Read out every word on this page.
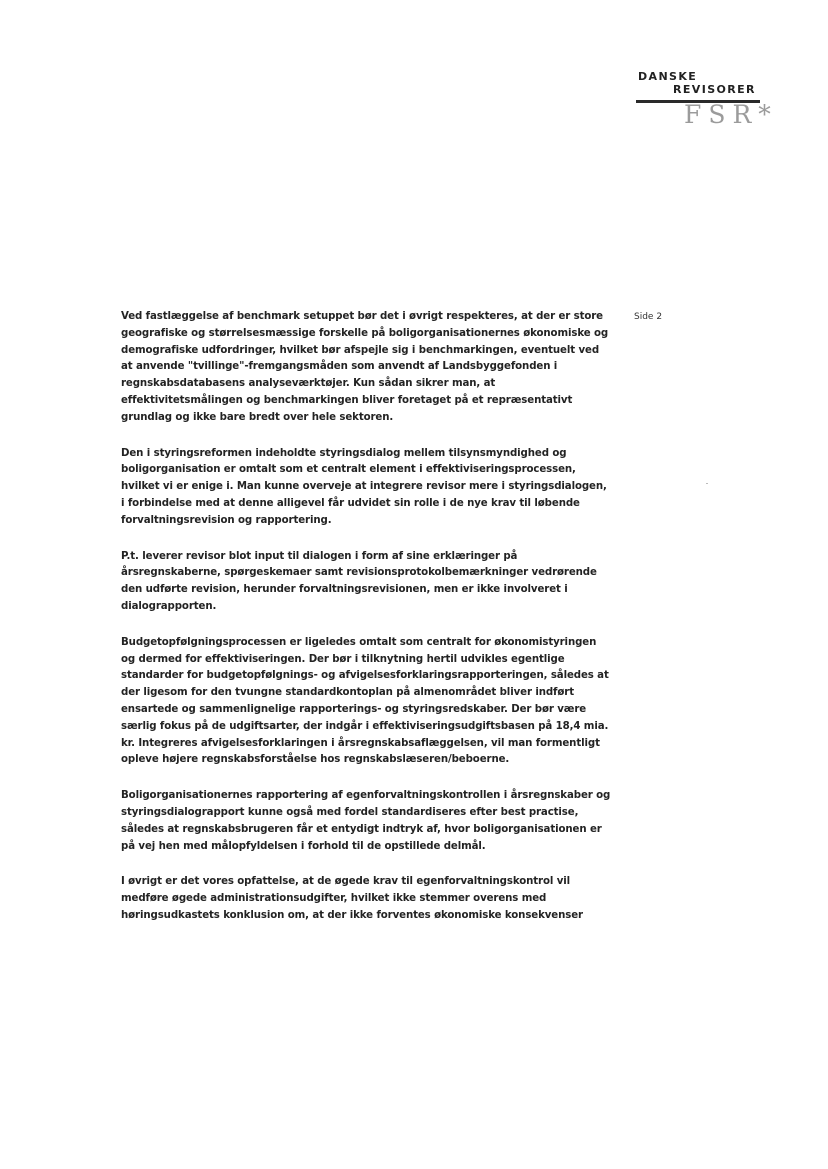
DANSKE
REVISORER
FSR*
Side 2

Ved fastlæggelse af benchmark setuppet bør det i øvrigt respekteres, at der er store geografiske og størrelsesmæssige forskelle på boligorganisationernes økonomiske og demografiske udfordringer, hvilket bør afspejle sig i benchmarkingen, eventuelt ved at anvende "tvillinge"-fremgangsmåden som anvendt af Landsbyggefonden i regnskabsdatabasens analyseværktøjer. Kun sådan sikrer man, at effektivitetsmålingen og benchmarkingen bliver foretaget på et repræsentativt grundlag og ikke bare bredt over hele sektoren.

Den i styringsreformen indeholdte styringsdialog mellem tilsynsmyndighed og boligorganisation er omtalt som et centralt element i effektiviseringsprocessen, hvilket vi er enige i. Man kunne overveje at integrere revisor mere i styringsdialogen, i forbindelse med at denne alligevel får udvidet sin rolle i de nye krav til løbende forvaltningsrevision og rapportering.

P.t. leverer revisor blot input til dialogen i form af sine erklæringer på årsregnskaberne, spørgeskemaer samt revisionsprotokolbemærkninger vedrørende den udførte revision, herunder forvaltningsrevisionen, men er ikke involveret i dialograpporten.

Budgetopfølgningsprocessen er ligeledes omtalt som centralt for økonomistyringen og dermed for effektiviseringen. Der bør i tilknytning hertil udvikles egentlige standarder for budgetopfølgnings- og afvigelsesforklaringsrapporteringen, således at der ligesom for den tvungne standardkontoplan på almenområdet bliver indført ensartede og sammenlignelige rapporterings- og styringsredskaber. Der bør være særlig fokus på de udgiftsarter, der indgår i effektiviseringsudgiftsbasen på 18,4 mia. kr. Integreres afvigelsesforklaringen i årsregnskabsaflæggelsen, vil man formentligt opleve højere regnskabsforståelse hos regnskabslæseren/beboerne.

Boligorganisationernes rapportering af egenforvaltningskontrollen i årsregnskaber og styringsdialograpport kunne også med fordel standardiseres efter best practise, således at regnskabsbrugeren får et entydigt indtryk af, hvor boligorganisationen er på vej hen med målopfyldelsen i forhold til de opstillede delmål.

I øvrigt er det vores opfattelse, at de øgede krav til egenforvaltningskontrol vil medføre øgede administrationsudgifter, hvilket ikke stemmer overens med høringsudkastets konklusion om, at der ikke forventes økonomiske konsekvenser
